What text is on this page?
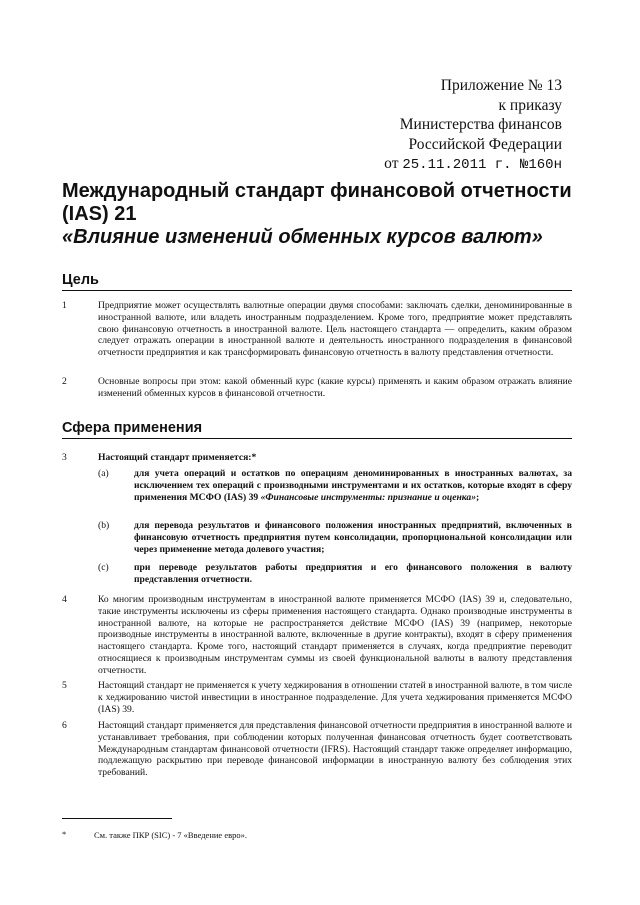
Приложение № 13
к приказу
Министерства финансов
Российской Федерации
от 25.11.2011 г. №160н
Международный стандарт финансовой отчетности (IAS) 21
«Влияние изменений обменных курсов валют»
Цель
1	Предприятие может осуществлять валютные операции двумя способами: заключать сделки, деноминированные в иностранной валюте, или владеть иностранным подразделением. Кроме того, предприятие может представлять свою финансовую отчетность в иностранной валюте. Цель настоящего стандарта — определить, каким образом следует отражать операции в иностранной валюте и деятельность иностранного подразделения в финансовой отчетности предприятия и как трансформировать финансовую отчетность в валюту представления отчетности.
2	Основные вопросы при этом: какой обменный курс (какие курсы) применять и каким образом отражать влияние изменений обменных курсов в финансовой отчетности.
Сфера применения
3	Настоящий стандарт применяется:*
(а)	для учета операций и остатков по операциям деноминированных в иностранных валютах, за исключением тех операций с производными инструментами и их остатков, которые входят в сферу применения МСФО (IAS) 39 «Финансовые инструменты: признание и оценка»;
(b)	для перевода результатов и финансового положения иностранных предприятий, включенных в финансовую отчетность предприятия путем консолидации, пропорциональной консолидации или через применение метода долевого участия;
(с)	при переводе результатов работы предприятия и его финансового положения в валюту представления отчетности.
4	Ко многим производным инструментам в иностранной валюте применяется МСФО (IAS) 39 и, следовательно, такие инструменты исключены из сферы применения настоящего стандарта. Однако производные инструменты в иностранной валюте, на которые не распространяется действие МСФО (IAS) 39 (например, некоторые производные инструменты в иностранной валюте, включенные в другие контракты), входят в сферу применения настоящего стандарта. Кроме того, настоящий стандарт применяется в случаях, когда предприятие переводит относящиеся к производным инструментам суммы из своей функциональной валюты в валюту представления отчетности.
5	Настоящий стандарт не применяется к учету хеджирования в отношении статей в иностранной валюте, в том числе к хеджированию чистой инвестиции в иностранное подразделение. Для учета хеджирования применяется МСФО (IAS) 39.
6	Настоящий стандарт применяется для представления финансовой отчетности предприятия в иностранной валюте и устанавливает требования, при соблюдении которых полученная финансовая отчетность будет соответствовать Международным стандартам финансовой отчетности (IFRS). Настоящий стандарт также определяет информацию, подлежащую раскрытию при переводе финансовой информации в иностранную валюту без соблюдения этих требований.
*	См. также ПКР (SIC) - 7 «Введение евро».
